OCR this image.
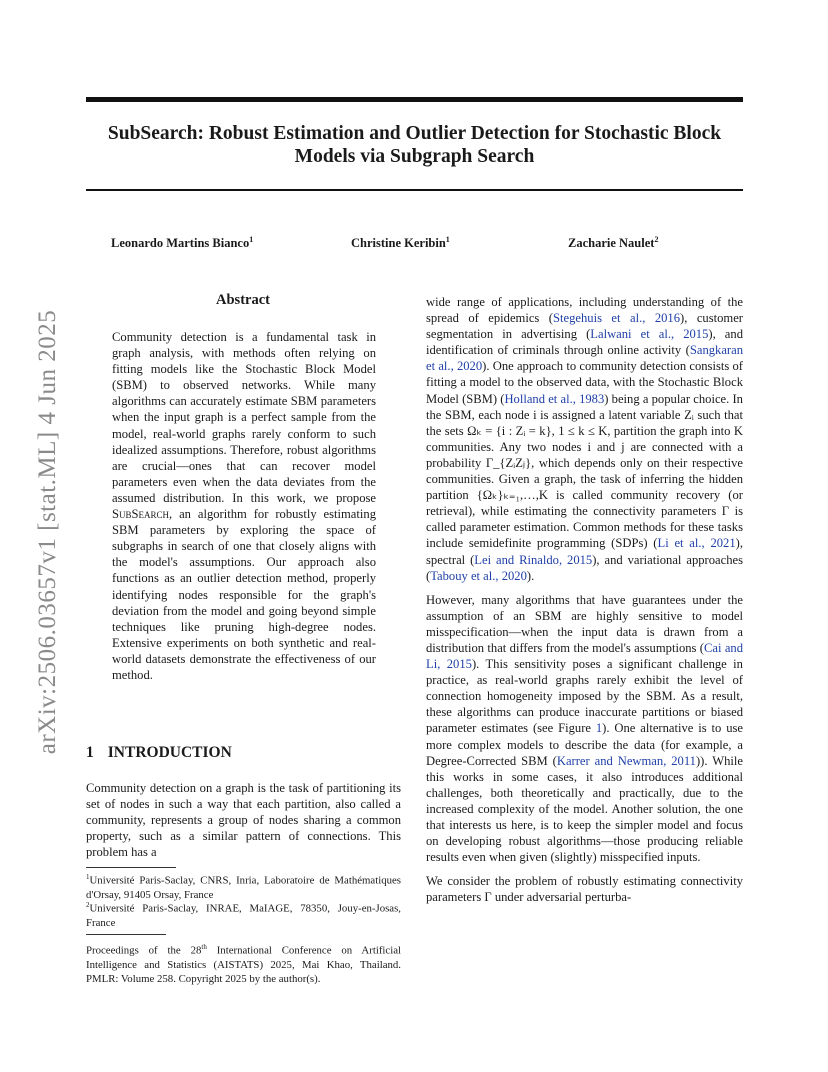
SubSearch: Robust Estimation and Outlier Detection for Stochastic Block Models via Subgraph Search
Leonardo Martins Bianco$^1$	Christine Keribin$^1$	Zacharie Naulet$^2$
arXiv:2506.03657v1 [stat.ML] 4 Jun 2025
Abstract
Community detection is a fundamental task in graph analysis, with methods often relying on fitting models like the Stochastic Block Model (SBM) to observed networks. While many algorithms can accurately estimate SBM parameters when the input graph is a perfect sample from the model, real-world graphs rarely conform to such idealized assumptions. Therefore, robust algorithms are crucial—ones that can recover model parameters even when the data deviates from the assumed distribution. In this work, we propose SubSearch, an algorithm for robustly estimating SBM parameters by exploring the space of subgraphs in search of one that closely aligns with the model's assumptions. Our approach also functions as an outlier detection method, properly identifying nodes responsible for the graph's deviation from the model and going beyond simple techniques like pruning high-degree nodes. Extensive experiments on both synthetic and real-world datasets demonstrate the effectiveness of our method.
1 INTRODUCTION
Community detection on a graph is the task of partitioning its set of nodes in such a way that each partition, also called a community, represents a group of nodes sharing a common property, such as a similar pattern of connections. This problem has a
$^1$Université Paris-Saclay, CNRS, Inria, Laboratoire de Mathématiques d'Orsay, 91405 Orsay, France
$^2$Université Paris-Saclay, INRAE, MaIAGE, 78350, Jouy-en-Josas, France
Proceedings of the 28th International Conference on Artificial Intelligence and Statistics (AISTATS) 2025, Mai Khao, Thailand. PMLR: Volume 258. Copyright 2025 by the author(s).

wide range of applications, including understanding of the spread of epidemics (Stegehuis et al., 2016), customer segmentation in advertising (Lalwani et al., 2015), and identification of criminals through online activity (Sangkaran et al., 2020). One approach to community detection consists of fitting a model to the observed data, with the Stochastic Block Model (SBM) (Holland et al., 1983) being a popular choice. In the SBM, each node i is assigned a latent variable Zᵢ such that the sets Ωₖ = {i : Zᵢ = k}, 1 ≤ k ≤ K, partition the graph into K communities. Any two nodes i and j are connected with a probability Γ_{ZᵢZⱼ}, which depends only on their respective communities. Given a graph, the task of inferring the hidden partition {Ωₖ}ₖ₌₁,…,K is called community recovery (or retrieval), while estimating the connectivity parameters Γ is called parameter estimation. Common methods for these tasks include semidefinite programming (SDPs) (Li et al., 2021), spectral (Lei and Rinaldo, 2015), and variational approaches (Tabouy et al., 2020).

However, many algorithms that have guarantees under the assumption of an SBM are highly sensitive to model misspecification—when the input data is drawn from a distribution that differs from the model's assumptions (Cai and Li, 2015). This sensitivity poses a significant challenge in practice, as real-world graphs rarely exhibit the level of connection homogeneity imposed by the SBM. As a result, these algorithms can produce inaccurate partitions or biased parameter estimates (see Figure 1). One alternative is to use more complex models to describe the data (for example, a Degree-Corrected SBM (Karrer and Newman, 2011)). While this works in some cases, it also introduces additional challenges, both theoretically and practically, due to the increased complexity of the model. Another solution, the one that interests us here, is to keep the simpler model and focus on developing robust algorithms—those producing reliable results even when given (slightly) misspecified inputs.

We consider the problem of robustly estimating connectivity parameters Γ under adversarial perturba-
